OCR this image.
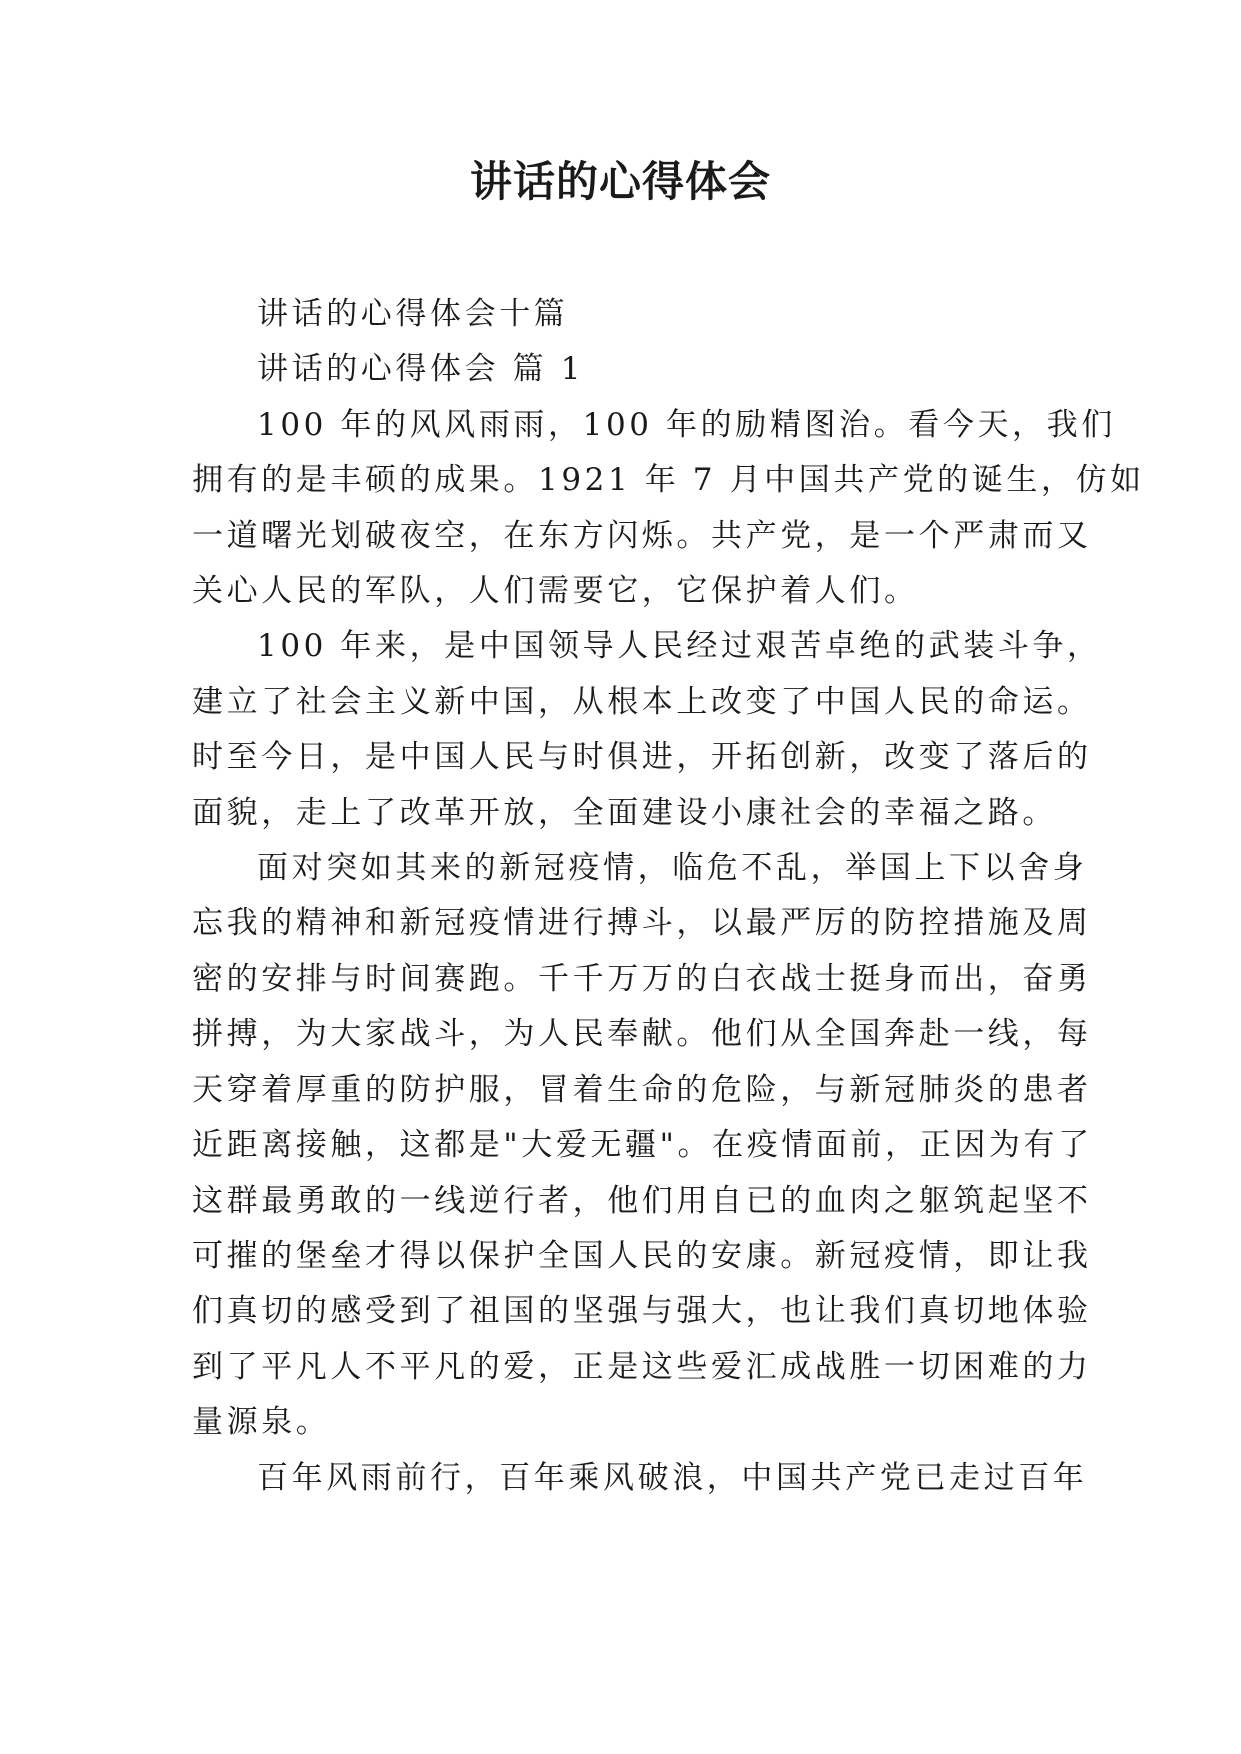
讲话的心得体会

讲话的心得体会十篇

讲话的心得体会 篇 1

100 年的风风雨雨，100 年的励精图治。看今天，我们
拥有的是丰硕的成果。1921 年 7 月中国共产党的诞生，仿如
一道曙光划破夜空，在东方闪烁。共产党，是一个严肃而又
关心人民的军队，人们需要它，它保护着人们。

100 年来，是中国领导人民经过艰苦卓绝的武装斗争，
建立了社会主义新中国，从根本上改变了中国人民的命运。
时至今日，是中国人民与时俱进，开拓创新，改变了落后的
面貌，走上了改革开放，全面建设小康社会的幸福之路。

面对突如其来的新冠疫情，临危不乱，举国上下以舍身
忘我的精神和新冠疫情进行搏斗，以最严厉的防控措施及周
密的安排与时间赛跑。千千万万的白衣战士挺身而出，奋勇
拼搏，为大家战斗，为人民奉献。他们从全国奔赴一线，每
天穿着厚重的防护服，冒着生命的危险，与新冠肺炎的患者
近距离接触，这都是"大爱无疆"。在疫情面前，正因为有了
这群最勇敢的一线逆行者，他们用自已的血肉之躯筑起坚不
可摧的堡垒才得以保护全国人民的安康。新冠疫情，即让我
们真切的感受到了祖国的坚强与强大，也让我们真切地体验
到了平凡人不平凡的爱，正是这些爱汇成战胜一切困难的力
量源泉。

百年风雨前行，百年乘风破浪，中国共产党已走过百年
